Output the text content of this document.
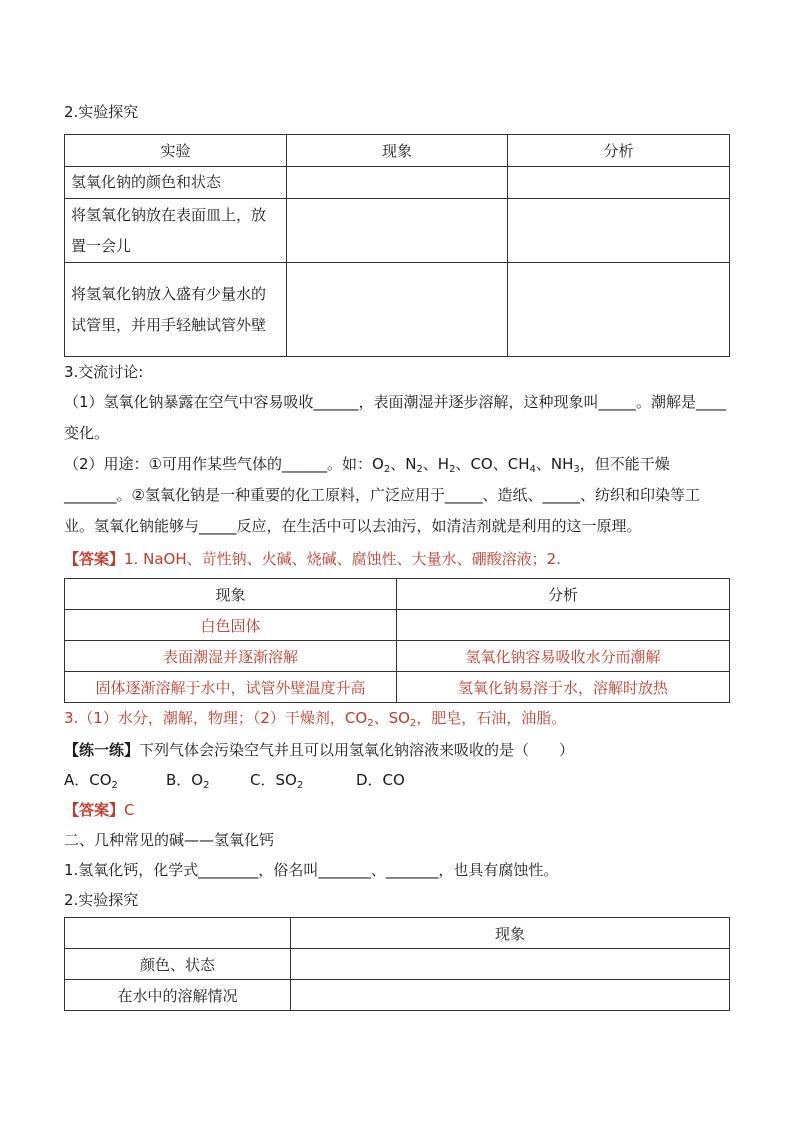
2.实验探究
实验	现象	分析
氢氧化钠的颜色和状态		
将氢氧化钠放在表面皿上，放置一会儿		
将氢氧化钠放入盛有少量水的试管里，并用手轻触试管外壁		
3.交流讨论:
（1）氢氧化钠暴露在空气中容易吸收______，表面潮湿并逐步溶解，这种现象叫_____。潮解是____变化。
（2）用途：①可用作某些气体的______。如：$O_2$、$N_2$、$H_2$、CO、$CH_4$、$NH_3$，但不能干燥_______。②氢氧化钠是一种重要的化工原料，广泛应用于_____、造纸、_____、纺织和印染等工业。氢氧化钠能够与_____反应，在生活中可以去油污，如清洁剂就是利用的这一原理。
【答案】1. NaOH、苛性钠、火碱、烧碱、腐蚀性、大量水、硼酸溶液；2.
现象	分析
白色固体	
表面潮湿并逐渐溶解	氢氧化钠容易吸收水分而潮解
固体逐渐溶解于水中，试管外壁温度升高	氢氧化钠易溶于水，溶解时放热
3.（1）水分，潮解，物理；（2）干燥剂，$CO_2$、$SO_2$，肥皂，石油，油脂。
【练一练】下列气体会污染空气并且可以用氢氧化钠溶液来吸收的是（　　）
A．$CO_2$	B．$O_2$	C．$SO_2$	D．CO
【答案】C
二、几种常见的碱——氢氧化钙
1.氢氧化钙，化学式________，俗名叫_______、_______，也具有腐蚀性。
2.实验探究
	现象
颜色、状态	
在水中的溶解情况	
